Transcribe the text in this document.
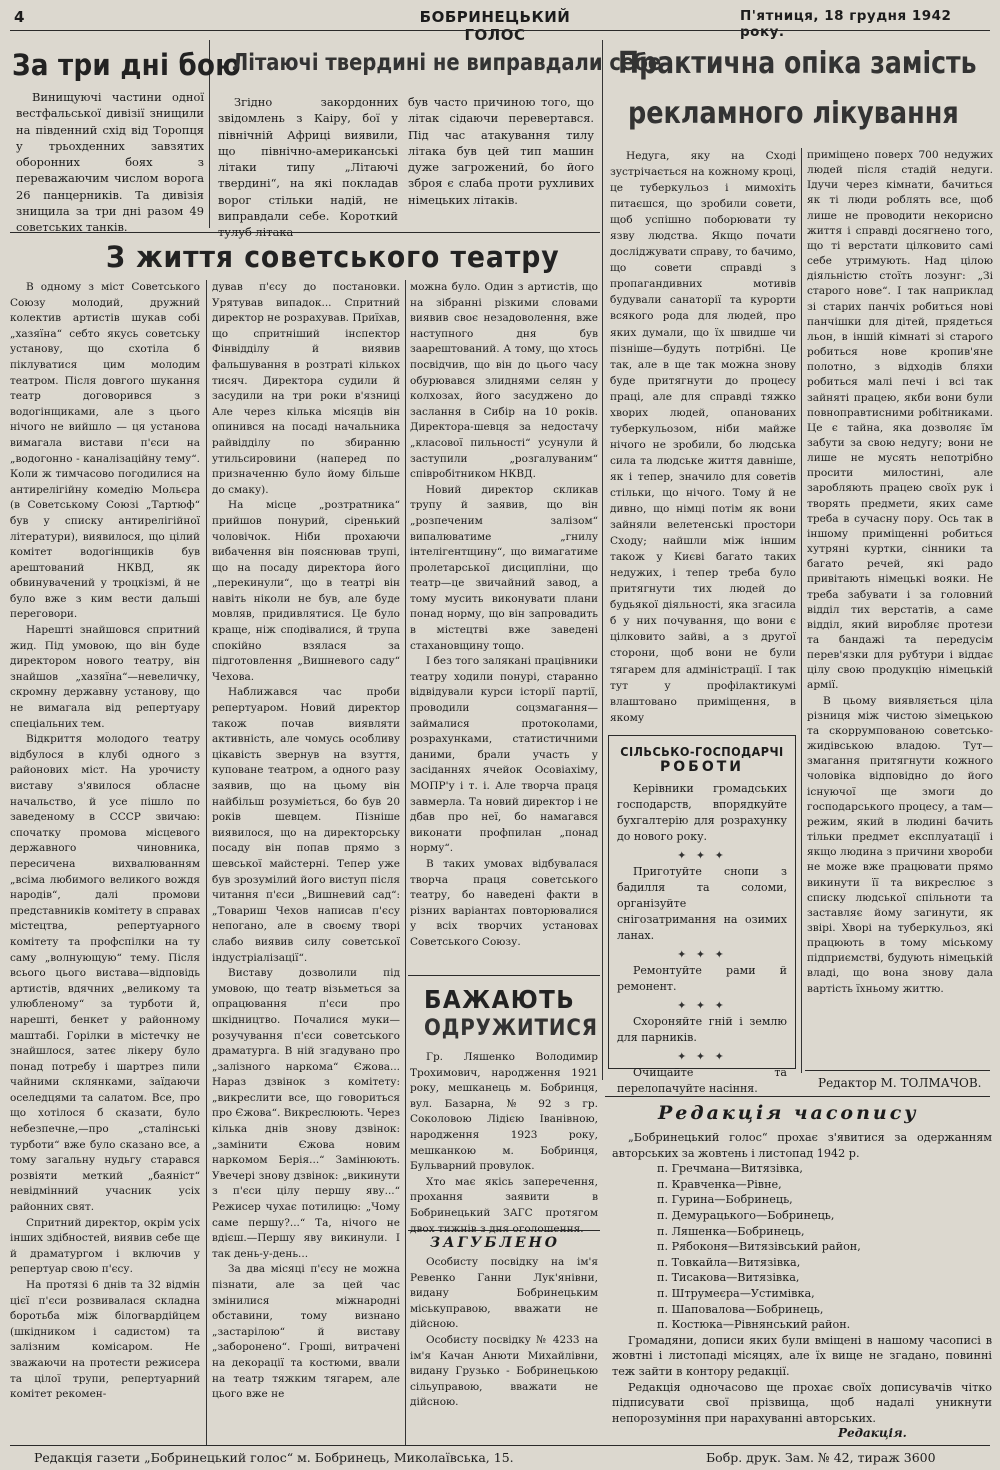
4	БОБРИНЕЦЬКИЙ ГОЛОС
П'ятниця, 18 грудня 1942 року.
За три дні бою
Винищуючі частини одної вестфальської дивізії знищили на південний схід від Торопця у трьохденних завзятих оборонних боях з переважаючим числом ворога 26 панцерників. Та дивізія знищила за три дні разом 49 советських танків.
Літаючі твердині не виправдали себе
Згідно закордонних звідомлень з Каіру, бої у північній Африці виявили, що північно-американські літаки типу „Літаючі твердині“, на які покладав ворог стільки надій, не виправдали себе. Короткий тулуб літака
був часто причиною того, що літак сідаючи перевертався. Під час атакування тилу літака був цей тип машин дуже загрожений, бо його зброя є слаба проти рухливих німецьких літаків.
З життя советського театру

В одному з міст Советського Союзу молодий, дружний колектив артистів шукав собі „хазяїна“ себто якусь советську установу, що схотіла б піклуватися цим молодим театром. Після довгого шукання театр договорився з водогінщиками, але з цього нічого не вийшло — ця установа вимагала вистави п'єси на „водогонно - каналізаційну тему“. Коли ж тимчасово погодилися на антирелігійну комедію Мольєра (в Советському Союзі „Тартюф“ був у списку антирелігійної літератури), виявилося, що цілий комітет водогінщиків був арештований НКВД, як обвинувачений у троцкізмі, й не було вже з ким вести дальші переговори.

Нарешті знайшовся спритний жид. Під умовою, що він буде директором нового театру, він знайшов „хазяїна“—невеличку, скромну державну установу, що не вимагала від репертуару спеціальних тем.

Відкриття молодого театру відбулося в клубі одного з районових міст. На урочисту виставу з'явилося обласне начальство, й усе пішло по заведеному в СССР звичаю: спочатку промова місцевого державного чиновника, пересичена вихвалюванням „всіма любимого великого вождя народів“, далі промови представників комітету в справах містецтва, репертуарного комітету та профспілки на ту саму „волнующую“ тему. Після всього цього вистава—відповідь артистів, вдячних „великому та улюбленому“ за турботи й, нарешті, бенкет у районному маштабі. Горілки в містечку не знайшлося, затеє лікеру було понад потребу і шартрез пили чайними склянками, заїдаючи оселедцями та салатом. Все, про що хотілося б сказати, було небезпечне,—про „сталінські турботи“ вже було сказано все, а тому загальну нудьгу старався розвіяти меткий „баяніст“ невідмінний учасник усіх районних свят.

Спритний директор, окрім усіх інших здібностей, виявив себе ще й драматургом і включив у репертуар свою п'єсу.

На протязі 6 днів та 32 відмін цієї п'єси розвивалася складна боротьба між білогвардійцем (шкідником і садистом) та залізним комісаром. Не зважаючи на протести режисера та цілої трупи, репертуарний комітет рекомен-

дував п'єсу до постановки. Урятував випадок... Спритний директор не розрахував. Приїхав, що спритніший інспектор Фінвідділу й виявив фальшування в розтраті кількох тисяч. Директора судили й засудили на три роки в'язниці Але через кілька місяців він опинився на посаді начальника райвідділу по збиранню утильсировини (наперед по призначенню було йому більше до смаку).

На місце „розтратника“ прийшов понурий, сіренький чоловічок. Ніби прохаючи вибачення він пояснював трупі, що на посаду директора його „перекинули“, що в театрі він навіть ніколи не був, але буде мовляв, придивлятися. Це було краще, ніж сподівалися, й трупа спокійно взялася за підготовлення „Вишневого саду“ Чехова.

Наближався час проби репертуаром. Новий директор також почав виявляти активність, але чомусь особливу цікавість звернув на взуття, куповане театром, а одного разу заявив, що на цьому він найбільш розуміється, бо був 20 років шевцем. Пізніше виявилося, що на директорську посаду він попав прямо з шевської майстерні. Тепер уже був зрозумілий його виступ після читання п'єси „Вишневий сад“: „Товариш Чехов написав п'єсу непогано, але в своєму творі слабо виявив силу советської індустріалізації“.

Виставу дозволили під умовою, що театр візьметься за опрацювання п'єси про шкідництво. Почалися муки—розучування п'єси советського драматурга. В ній згадувано про „залізного наркома“ Єжова... Нараз дзвінок з комітету: „викреслити все, що говориться про Єжова“. Викреслюють. Через кілька днів знову дзвінок: „замінити Єжова новим наркомом Берія...“ Замінюють. Увечері знову дзвінок: „викинути з п'єси цілу першу яву...“ Режисер чухає потилицю: „Чому саме першу?...“ Та, нічого не вдієш.—Першу яву викинули. І так день-у-день...

За два місяці п'єсу не можна пізнати, але за цей час змінилися міжнародні обставини, тому визнано „застарілою“ й виставу „заборонено“. Гроші, витрачені на декорації та костюми, ввали на театр тяжким тягарем, але цього вже не

можна було. Один з артистів, що на зібранні різкими словами виявив своє незадоволення, вже наступного дня був заарештований. А тому, що хтось посвідчив, що він до цього часу обурювався злиднями селян у колхозах, його засуджено до заслання в Сибір на 10 років. Директора-шевця за недостачу „класової пильності“ усунули й заступили „розгалуваним“ співробітником НКВД.

Новий директор скликав трупу й заявив, що він „розпеченим залізом“ випалюватиме „гнилу інтелігентщину“, що вимагатиме пролетарської дисципліни, що театр—це звичайний завод, а тому мусить виконувати плани понад норму, що він запровадить в містецтві вже заведені стахановщину тощо.

І без того залякані працівники театру ходили понурі, старанно відвідували курси історії партії, проводили соцзмагання—займалися протоколами, розрахунками, статистичними даними, брали участь у засіданнях ячейок Осовіахіму, МОПР'у і т. і. Але творча праця завмерла. Та новий директор і не дбав про неї, бо намагався виконати профпилан „понад норму“.

В таких умовах відбувалася творча праця советського театру, бо наведені факти в різних варіантах повторювалися у всіх творчих установах Советського Союзу.

БАЖАЮТЬ
ОДРУЖИТИСЯ

Гр. Ляшенко Володимир Трохимович, народження 1921 року, мешканець м. Бобринця, вул. Базарна, № 92 з гр. Соколовою Лідією Іванівною, народження 1923 року, мешканкою м. Бобринця, Бульварний провулок.

Хто має якісь заперечення, прохання заявити в Бобринецький ЗАГС протягом двох тижнів з дня оголошення.

ЗАГУБЛЕНО

Особисту посвідку на ім'я Ревенко Ганни Лук'янівни, видану Бобринецьким міськуправою, вважати не дійсною.

Особисту посвідку № 4233 на ім'я Качан Анюти Михайлівни, видану Грузько - Бобринецькою сільуправою, вважати не дійсною.

Практична опіка замість
рекламного лікування
Недуга, яку на Сході зустрічається на кожному кроці, це туберкульоз і мимохіть питаєшся, що зробили совети, щоб успішно поборювати ту язву людства. Якщо почати досліджувати справу, то бачимо, що совети справді з пропагандивних мотивів будували санаторії та курорти всякого рода для людей, про яких думали, що їх швидше чи пізніше—будуть потрібні. Це так, але в ще так можна знову буде притягнути до процесу праці, але для справді тяжко хворих людей, опанованих туберкульозом, ніби майже нічого не зробили, бо людська сила та людське життя давніше, як і тепер, значило для советів стільки, що нічого. Тому й не дивно, що німці потім як вони зайняли велетенські простори Сходу; найшли між іншим також у Києві багато таких недужих, і тепер треба було притягнути тих людей до будьякої діяльності, яка згасила б у них почування, що вони є цілковито зайві, а з другої сторони, щоб вони не були тягарем для адміністрації. І так тут у профілактикумі влаштовано приміщення, в якому

приміщено поверх 700 недужих людей після стадій недуги. Ідучи через кімнати, бачиться як ті люди роблять все, щоб лише не проводити некорисно життя і справді досягнено того, що ті верстати цілковито самі себе утримують. Над цілою діяльністю стоїть лозунг: „Зі старого нове“. І так наприклад зі старих панчіх робиться нові панчішки для дітей, прядеться льон, в іншій кімнаті зі старого робиться нове кропив'яне полотно, з відходів бляхи робиться малі печі і всі так зайняті працею, якби вони були повноправтисними робітниками. Це є тайна, яка дозволяє їм забути за свою недугу; вони не лише не мусять непотрібно просити милостині, але заробляють працею своїх рук і творять предмети, яких саме треба в сучасну пору. Ось так в іншому приміщенні робиться хутряні куртки, сінники та багато речей, які радо привітають німецькі вояки. Не треба забувати і за головний відділ тих верстатів, а саме відділ, який виробляє протези та бандажі та передусім перев'язки для рубтури і віддає цілу свою продукцію німецькій армії.

В цьому виявляється ціла різниця між чистою зімецькою та скоррумпованою советсько-жидівською владою. Тут—змагання притягнути кожного чоловіка відповідно до його існуючої ще змоги до господарського процесу, а там—режим, який в людині бачить тільки предмет експлуатації і якщо людина з причини хвороби не може вже працювати прямо викинути її та викреслює з списку людської спільноти та заставляє йому загинути, як звірі. Хворі на туберкульоз, які працюють в тому міському підприємстві, будують німецькій владі, що вона знову дала вартість їхньому життю.

Редактор М. ТОЛМАЧОВ.
СІЛЬСЬКО-ГОСПОДАРЧІ
РОБОТИ
Керівники громадських господарств, впорядкуйте бухгалтерію для розрахунку до нового року.
✦ ✦ ✦
Приготуйте снопи з бадилля та соломи, організуйте снігозатримання на озимих ланах.
✦ ✦ ✦
Ремонтуйте рами й ремонент.
✦ ✦ ✦
Схороняйте гній і землю для парників.
✦ ✦ ✦
Очищайте та перелопачуйте насіння.
Редакція часопису
„Бобринецький голос“ прохає з'явитися за одержанням авторських за жовтень і листопад 1942 р.
п. Гречмана—Витязівка,
п. Кравченка—Рівне,
п. Гурина—Бобринець,
п. Демурацького—Бобринець,
п. Ляшенка—Бобринець,
п. Рябоконя—Витязівський район,
п. Товкайла—Витязівка,
п. Тисакова—Витязівка,
п. Штрумеєра—Устимівка,
п. Шаповалова—Бобринець,
п. Костюка—Рівнянський район.
Громадяни, дописи яких були вміщені в нашому часописі в жовтні і листопаді місяцях, але їх вище не згадано, повинні теж зайти в контору редакції.
Редакція одночасово ще прохає своїх дописувачів чітко підписувати свої прізвища, щоб надалі уникнути непорозуміння при нарахуванні авторських.
Редакція.
Редакція газети „Бобринецький голос“ м. Бобринець, Миколаївська, 15.	Бобр. друк. Зам. № 42, тираж 3600
